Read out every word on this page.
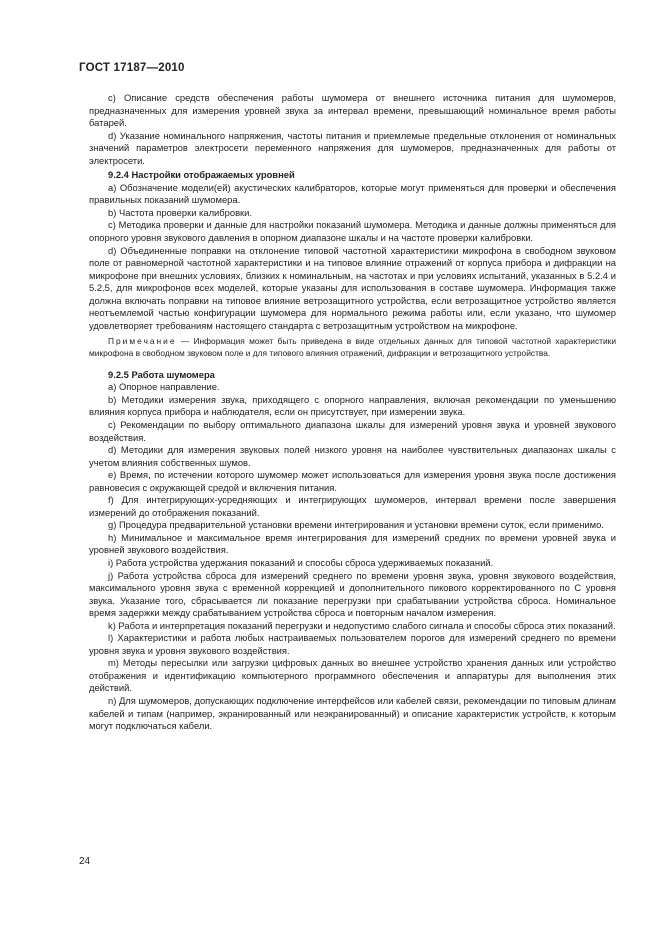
ГОСТ 17187—2010

c) Описание средств обеспечения работы шумомера от внешнего источника питания для шумомеров, предназначенных для измерения уровней звука за интервал времени, превышающий номинальное время работы батарей.

d) Указание номинального напряжения, частоты питания и приемлемые предельные отклонения от номинальных значений параметров электросети переменного напряжения для шумомеров, предназначенных для работы от электросети.

9.2.4 Настройки отображаемых уровней

a) Обозначение модели(ей) акустических калибраторов, которые могут применяться для проверки и обеспечения правильных показаний шумомера.

b) Частота проверки калибровки.

c) Методика проверки и данные для настройки показаний шумомера. Методика и данные должны применяться для опорного уровня звукового давления в опорном диапазоне шкалы и на частоте проверки калибровки.

d) Объединенные поправки на отклонение типовой частотной характеристики микрофона в свободном звуковом поле от равномерной частотной характеристики и на типовое влияние отражений от корпуса прибора и дифракции на микрофоне при внешних условиях, близких к номинальным, на частотах и при условиях испытаний, указанных в 5.2.4 и 5.2.5, для микрофонов всех моделей, которые указаны для использования в составе шумомера. Информация также должна включать поправки на типовое влияние ветрозащитного устройства, если ветрозащитное устройство является неотъемлемой частью конфигурации шумомера для нормального режима работы или, если указано, что шумомер удовлетворяет требованиям настоящего стандарта с ветрозащитным устройством на микрофоне.

Примечание — Информация может быть приведена в виде отдельных данных для типовой частотной характеристики микрофона в свободном звуковом поле и для типового влияния отражений, дифракции и ветрозащитного устройства.

9.2.5 Работа шумомера

a) Опорное направление.

b) Методики измерения звука, приходящего с опорного направления, включая рекомендации по уменьшению влияния корпуса прибора и наблюдателя, если он присутствует, при измерении звука.

c) Рекомендации по выбору оптимального диапазона шкалы для измерений уровня звука и уровней звукового воздействия.

d) Методики для измерения звуковых полей низкого уровня на наиболее чувствительных диапазонах шкалы с учетом влияния собственных шумов.

e) Время, по истечении которого шумомер может использоваться для измерения уровня звука после достижения равновесия с окружающей средой и включения питания.

f) Для интегрирующих-усредняющих и интегрирующих шумомеров, интервал времени после завершения измерений до отображения показаний.

g) Процедура предварительной установки времени интегрирования и установки времени суток, если применимо.

h) Минимальное и максимальное время интегрирования для измерений средних по времени уровней звука и уровней звукового воздействия.

i) Работа устройства удержания показаний и способы сброса удерживаемых показаний.

j) Работа устройства сброса для измерений среднего по времени уровня звука, уровня звукового воздействия, максимального уровня звука с временной коррекцией и дополнительного пикового корректированного по C уровня звука. Указание того, сбрасывается ли показание перегрузки при срабатывании устройства сброса. Номинальное время задержки между срабатыванием устройства сброса и повторным началом измерения.

k) Работа и интерпретация показаний перегрузки и недопустимо слабого сигнала и способы сброса этих показаний.

l) Характеристики и работа любых настраиваемых пользователем порогов для измерений среднего по времени уровня звука и уровня звукового воздействия.

m) Методы пересылки или загрузки цифровых данных во внешнее устройство хранения данных или устройство отображения и идентификацию компьютерного программного обеспечения и аппаратуры для выполнения этих действий.

n) Для шумомеров, допускающих подключение интерфейсов или кабелей связи, рекомендации по типовым длинам кабелей и типам (например, экранированный или неэкранированный) и описание характеристик устройств, к которым могут подключаться кабели.

24
